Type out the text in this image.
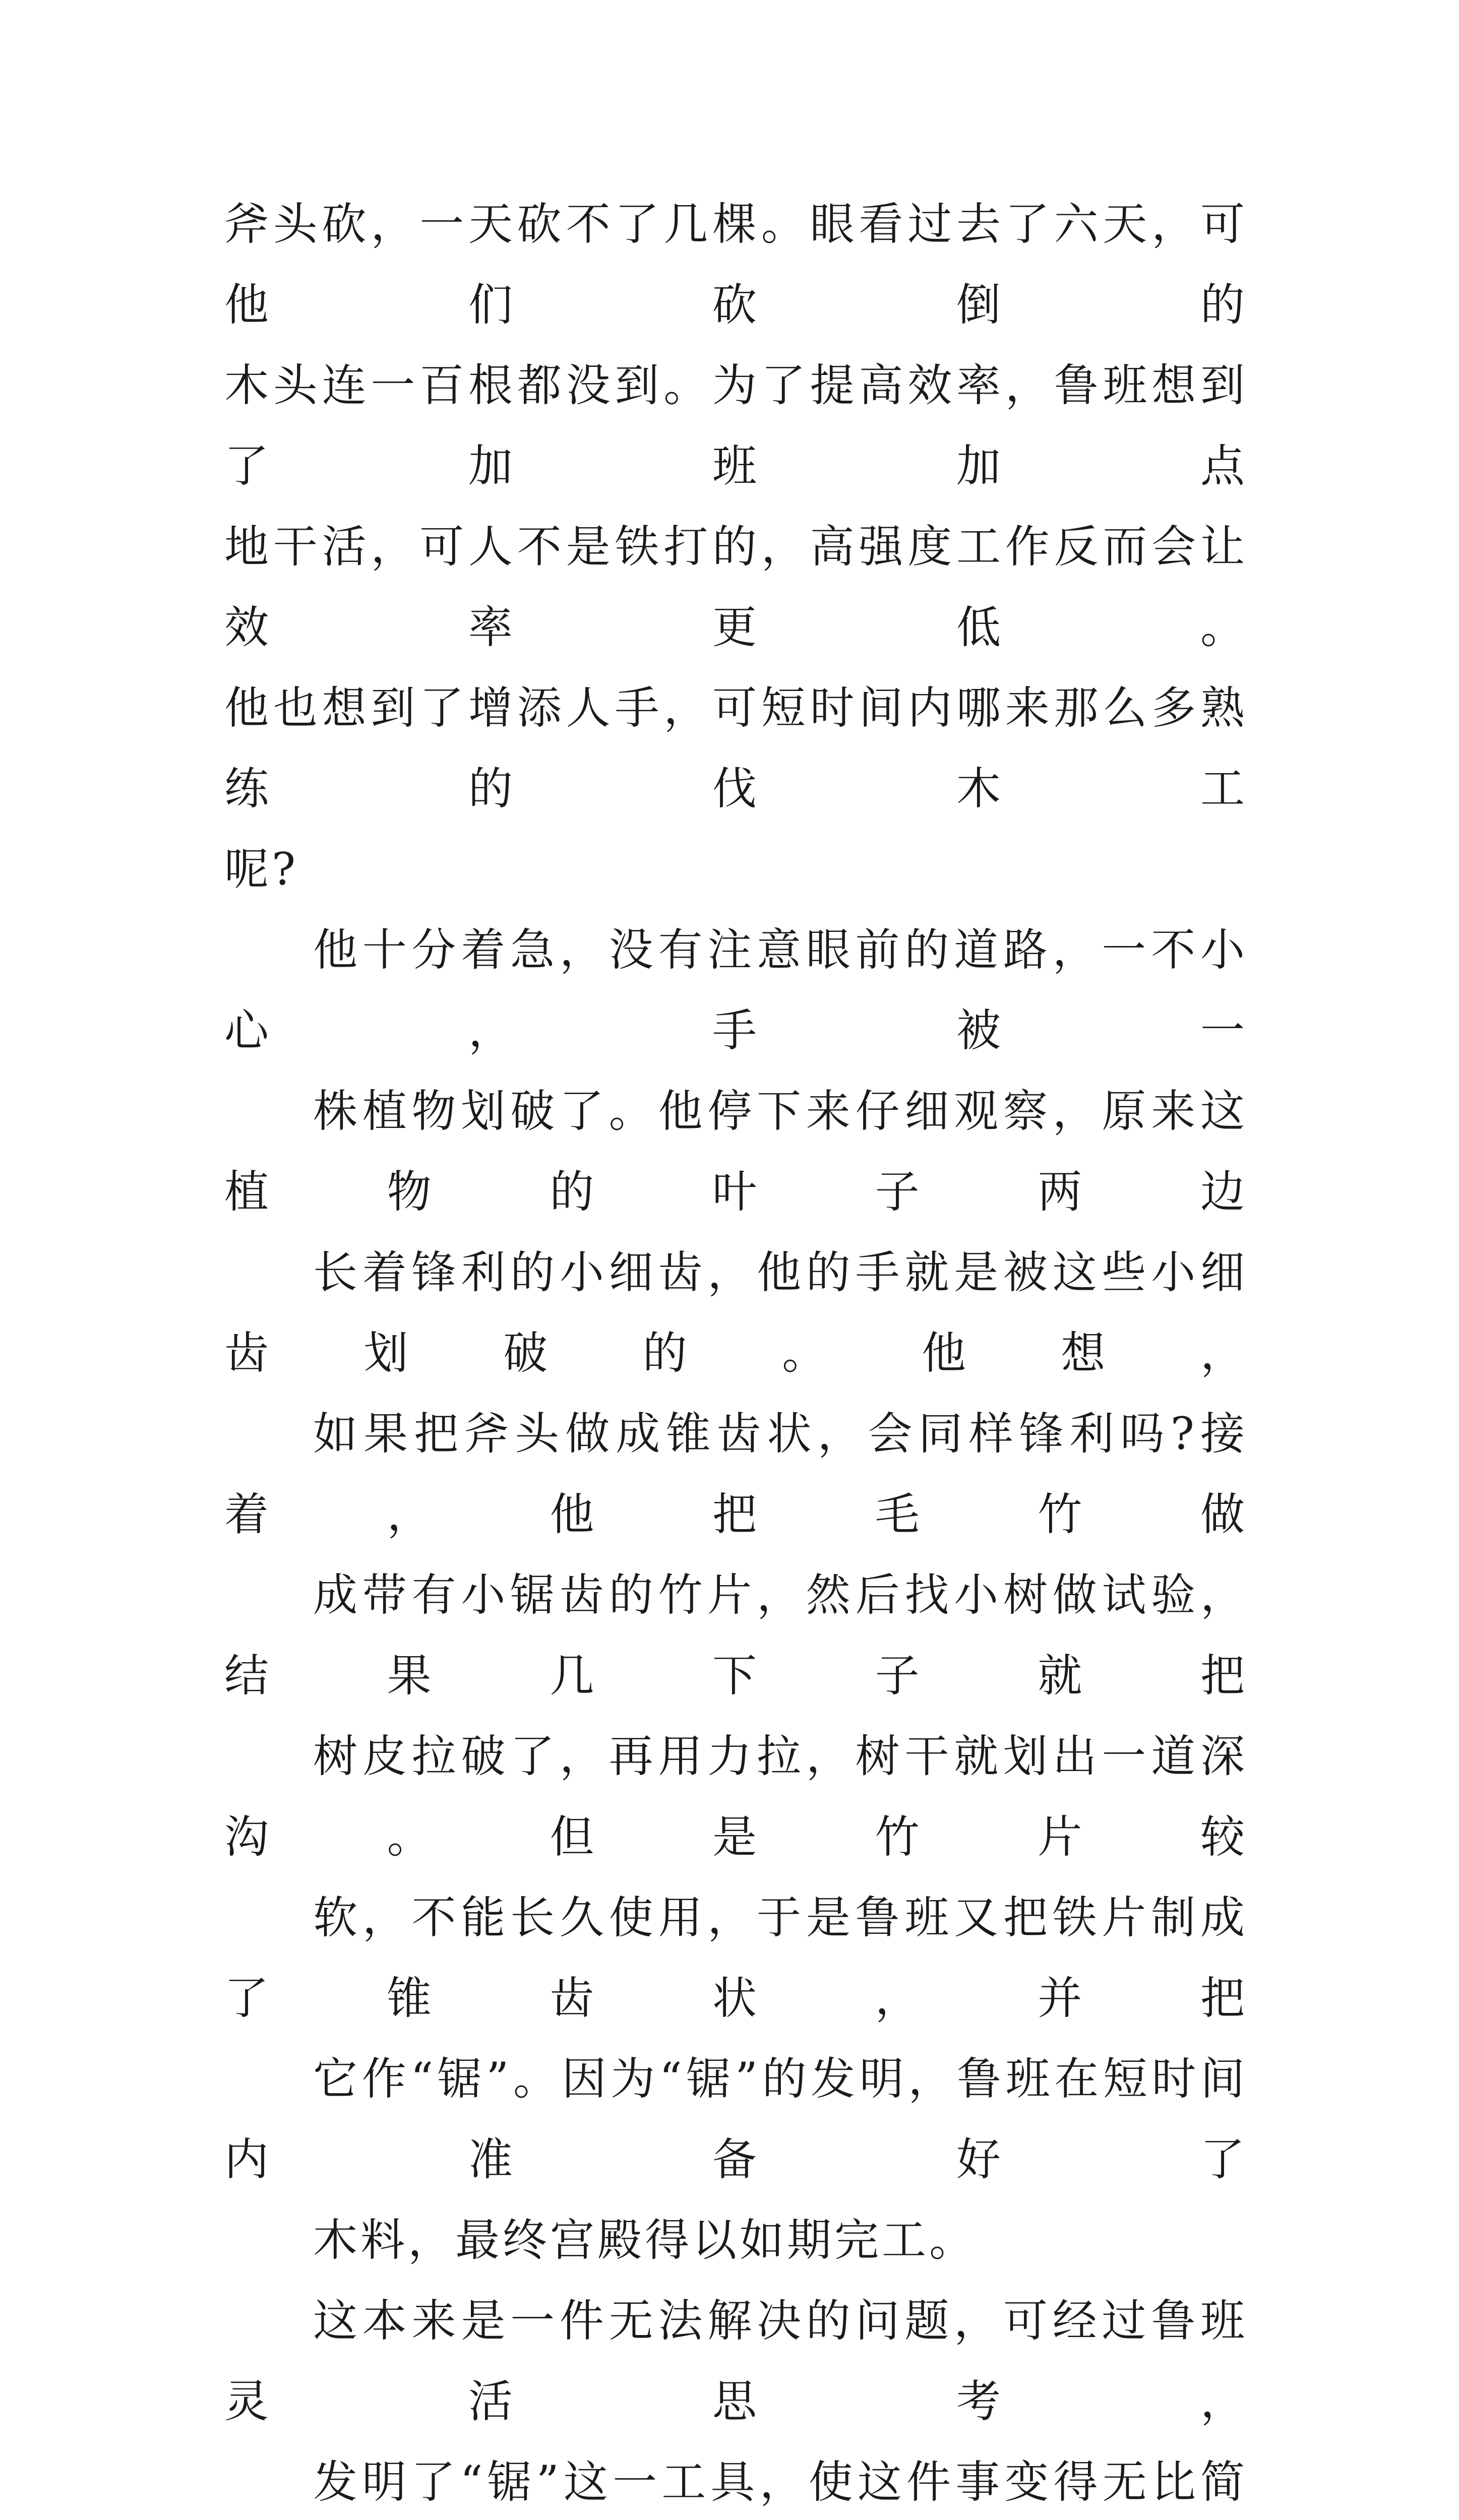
斧头砍，一天砍不了几棵。眼看过去了六天，可他们砍倒的
木头连一百根都没到。为了提高效率，鲁班想到了加班加点
地干活，可人不是铁打的，高强度工作反而会让效率更低。
他也想到了增添人手，可短时间内哪来那么多熟练的伐木工
呢?
他十分着急，没有注意眼前的道路，一不小心，手被一
株植物划破了。他停下来仔细观察，原来这植物的叶子两边
长着锋利的小细齿，他的手就是被这些小细齿划破的。他想，
如果把斧头做成锥齿状，会同样锋利吗?接着，他把毛竹做
成带有小锯齿的竹片，然后找小树做试验，结果几下子就把
树皮拉破了，再用力拉，树干就划出一道深沟。但是竹片较
软，不能长久使用，于是鲁班又把铁片制成了锥齿状，并把
它作“锯”。因为“锯”的发明，鲁班在短时间内准备好了
木料，最终宫殿得以如期完工。
这本来是一件无法解决的问题，可经过鲁班灵活思考，
发明了“锯”这一工具，使这件事变得无比简
